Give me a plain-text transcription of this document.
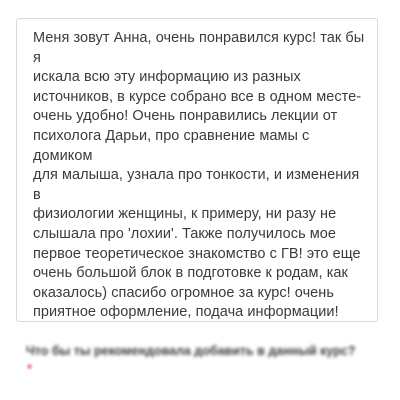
Меня зовут Анна, очень понравился курс! так бы я
искала всю эту информацию из разных
источников, в курсе собрано все в одном месте-
очень удобно! Очень понравились лекции от
психолога Дарьи, про сравнение мамы с домиком
для малыша, узнала про тонкости, и изменения в
физиологии женщины, к примеру, ни разу не
слышала про 'лохии'. Также получилось мое
первое теоретическое знакомство с ГВ! это еще
очень большой блок в подготовке к родам, как
оказалось) спасибо огромное за курс! очень
приятное оформление, подача информации!

Что бы ты рекомендовала добавить в данный курс?

*
